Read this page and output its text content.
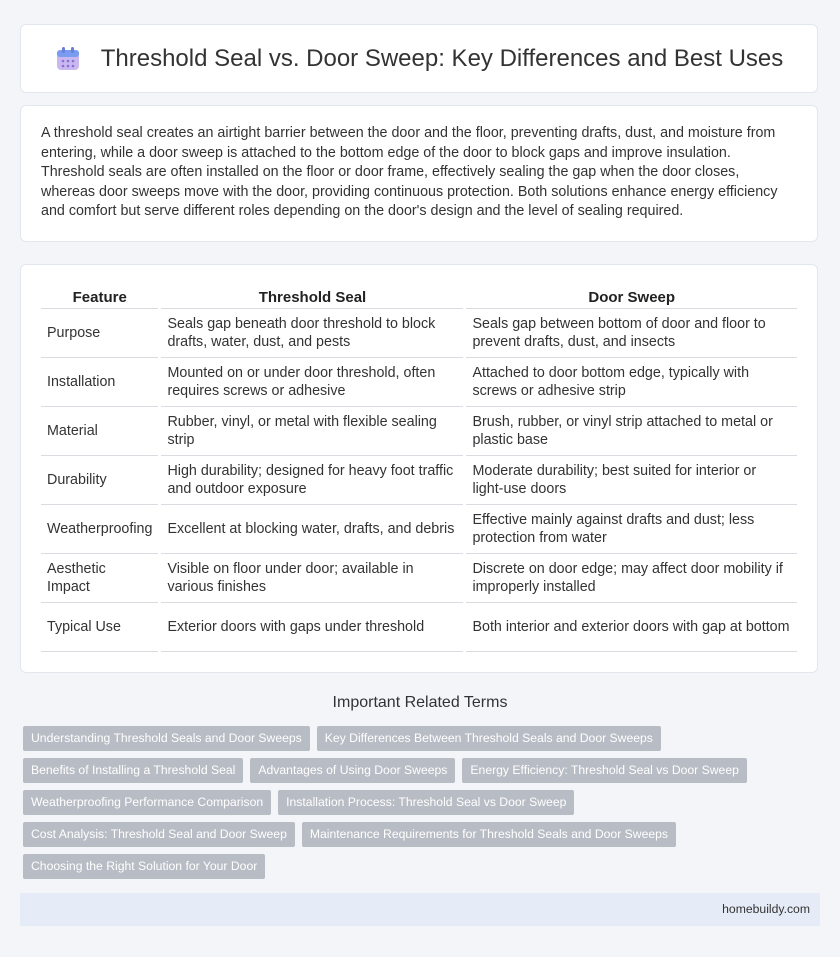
Threshold Seal vs. Door Sweep: Key Differences and Best Uses

A threshold seal creates an airtight barrier between the door and the floor, preventing drafts, dust, and moisture from entering, while a door sweep is attached to the bottom edge of the door to block gaps and improve insulation. Threshold seals are often installed on the floor or door frame, effectively sealing the gap when the door closes, whereas door sweeps move with the door, providing continuous protection. Both solutions enhance energy efficiency and comfort but serve different roles depending on the door's design and the level of sealing required.

Feature	Threshold Seal	Door Sweep
Purpose	Seals gap beneath door threshold to block drafts, water, dust, and pests	Seals gap between bottom of door and floor to prevent drafts, dust, and insects
Installation	Mounted on or under door threshold, often requires screws or adhesive	Attached to door bottom edge, typically with screws or adhesive strip
Material	Rubber, vinyl, or metal with flexible sealing strip	Brush, rubber, or vinyl strip attached to metal or plastic base
Durability	High durability; designed for heavy foot traffic and outdoor exposure	Moderate durability; best suited for interior or light-use doors
Weatherproofing	Excellent at blocking water, drafts, and debris	Effective mainly against drafts and dust; less protection from water
Aesthetic Impact	Visible on floor under door; available in various finishes	Discrete on door edge; may affect door mobility if improperly installed
Typical Use	Exterior doors with gaps under threshold	Both interior and exterior doors with gap at bottom
Important Related Terms
Understanding Threshold Seals and Door Sweeps	Key Differences Between Threshold Seals and Door Sweeps
Benefits of Installing a Threshold Seal	Advantages of Using Door Sweeps	Energy Efficiency: Threshold Seal vs Door Sweep
Weatherproofing Performance Comparison	Installation Process: Threshold Seal vs Door Sweep
Cost Analysis: Threshold Seal and Door Sweep	Maintenance Requirements for Threshold Seals and Door Sweeps
Choosing the Right Solution for Your Door
homebuildy.com
